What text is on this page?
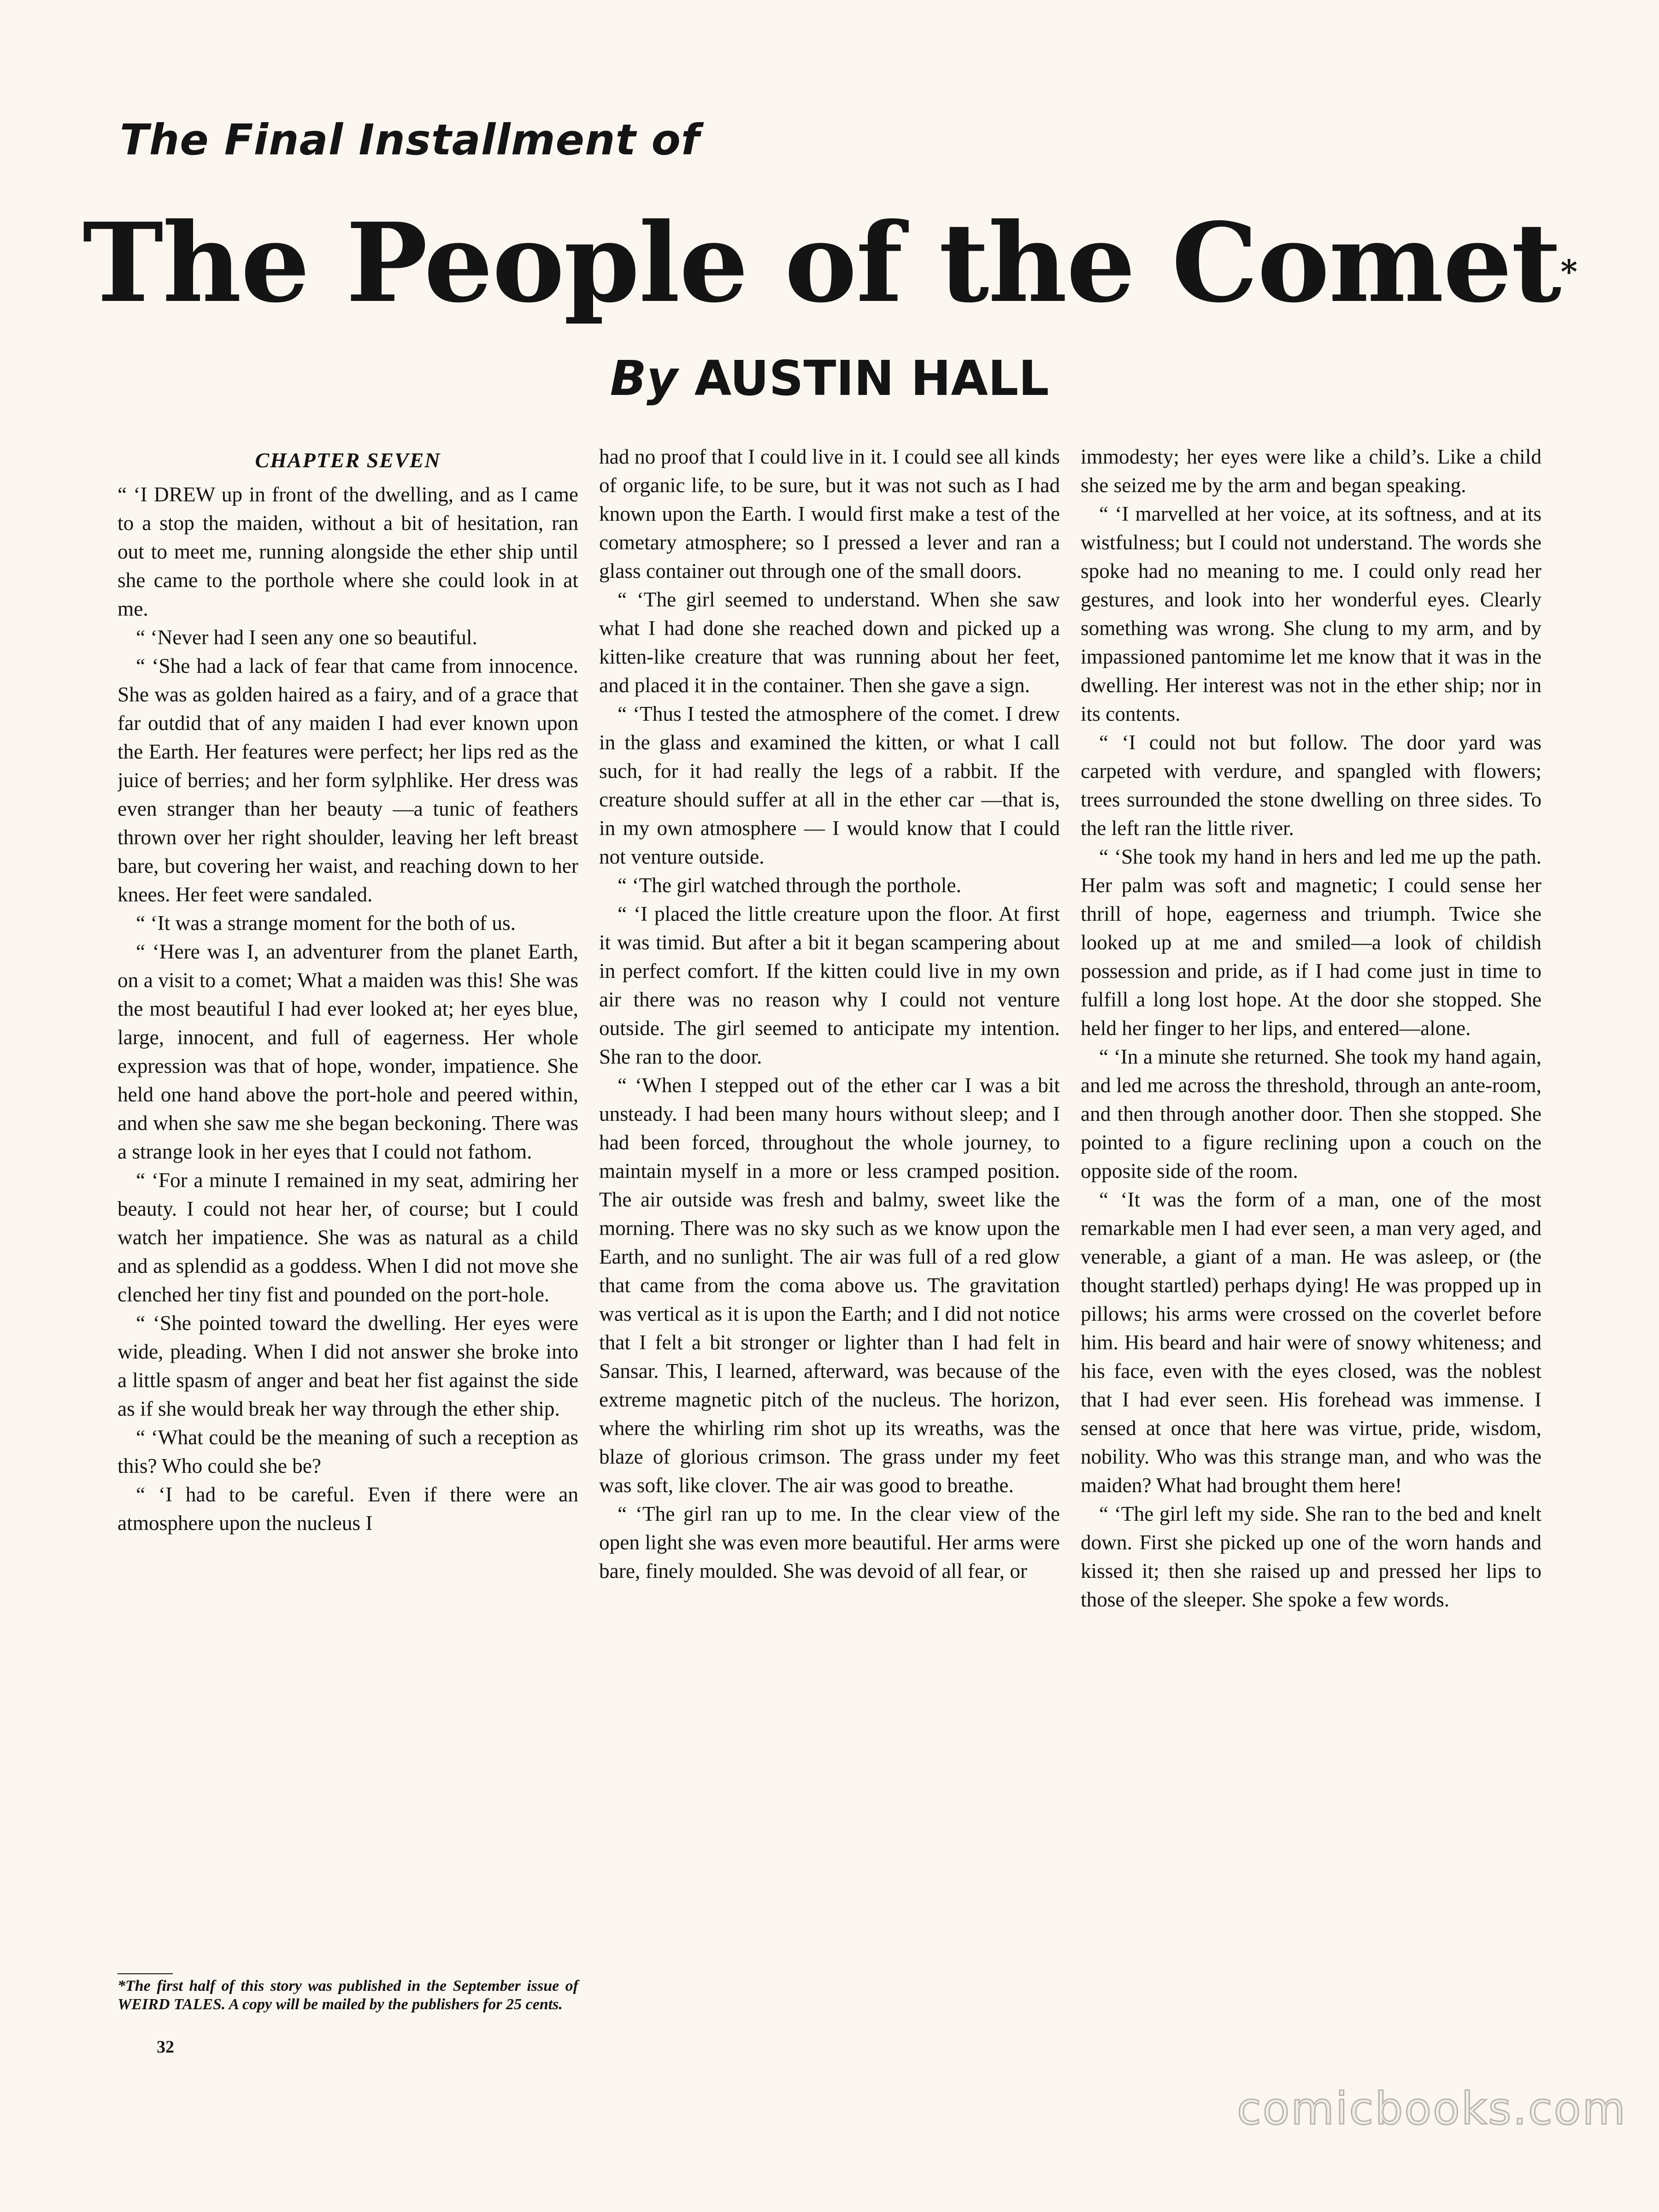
The Final Installment of
The People of the Comet*
By AUSTIN HALL
CHAPTER SEVEN

“ ‘I DREW up in front of the dwelling, and as I came to a stop the maiden, without a bit of hesitation, ran out to meet me, running alongside the ether ship until she came to the porthole where she could look in at me.

“ ‘Never had I seen any one so beautiful.

“ ‘She had a lack of fear that came from innocence. She was as golden haired as a fairy, and of a grace that far outdid that of any maiden I had ever known upon the Earth. Her features were perfect; her lips red as the juice of berries; and her form sylphlike. Her dress was even stranger than her beauty —a tunic of feathers thrown over her right shoulder, leaving her left breast bare, but covering her waist, and reaching down to her knees. Her feet were sandaled.

“ ‘It was a strange moment for the both of us.

“ ‘Here was I, an adventurer from the planet Earth, on a visit to a comet; What a maiden was this! She was the most beautiful I had ever looked at; her eyes blue, large, innocent, and full of eagerness. Her whole expression was that of hope, wonder, impatience. She held one hand above the port-hole and peered within, and when she saw me she began beckoning. There was a strange look in her eyes that I could not fathom.

“ ‘For a minute I remained in my seat, admiring her beauty. I could not hear her, of course; but I could watch her impatience. She was as natural as a child and as splendid as a goddess. When I did not move she clenched her tiny fist and pounded on the port-hole.

“ ‘She pointed toward the dwelling. Her eyes were wide, pleading. When I did not answer she broke into a little spasm of anger and beat her fist against the side as if she would break her way through the ether ship.

“ ‘What could be the meaning of such a reception as this? Who could she be?

“ ‘I had to be careful. Even if there were an atmosphere upon the nucleus I

had no proof that I could live in it. I could see all kinds of organic life, to be sure, but it was not such as I had known upon the Earth. I would first make a test of the cometary atmosphere; so I pressed a lever and ran a glass container out through one of the small doors.

“ ‘The girl seemed to understand. When she saw what I had done she reached down and picked up a kitten-like creature that was running about her feet, and placed it in the container. Then she gave a sign.

“ ‘Thus I tested the atmosphere of the comet. I drew in the glass and examined the kitten, or what I call such, for it had really the legs of a rabbit. If the creature should suffer at all in the ether car —that is, in my own atmosphere — I would know that I could not venture outside.

“ ‘The girl watched through the porthole.

“ ‘I placed the little creature upon the floor. At first it was timid. But after a bit it began scampering about in perfect comfort. If the kitten could live in my own air there was no reason why I could not venture outside. The girl seemed to anticipate my intention. She ran to the door.

“ ‘When I stepped out of the ether car I was a bit unsteady. I had been many hours without sleep; and I had been forced, throughout the whole journey, to maintain myself in a more or less cramped position. The air outside was fresh and balmy, sweet like the morning. There was no sky such as we know upon the Earth, and no sunlight. The air was full of a red glow that came from the coma above us. The gravitation was vertical as it is upon the Earth; and I did not notice that I felt a bit stronger or lighter than I had felt in Sansar. This, I learned, afterward, was because of the extreme magnetic pitch of the nucleus. The horizon, where the whirling rim shot up its wreaths, was the blaze of glorious crimson. The grass under my feet was soft, like clover. The air was good to breathe.

“ ‘The girl ran up to me. In the clear view of the open light she was even more beautiful. Her arms were bare, finely moulded. She was devoid of all fear, or

immodesty; her eyes were like a child’s. Like a child she seized me by the arm and began speaking.

“ ‘I marvelled at her voice, at its softness, and at its wistfulness; but I could not understand. The words she spoke had no meaning to me. I could only read her gestures, and look into her wonderful eyes. Clearly something was wrong. She clung to my arm, and by impassioned pantomime let me know that it was in the dwelling. Her interest was not in the ether ship; nor in its contents.

“ ‘I could not but follow. The door yard was carpeted with verdure, and spangled with flowers; trees surrounded the stone dwelling on three sides. To the left ran the little river.

“ ‘She took my hand in hers and led me up the path. Her palm was soft and magnetic; I could sense her thrill of hope, eagerness and triumph. Twice she looked up at me and smiled—a look of childish possession and pride, as if I had come just in time to fulfill a long lost hope. At the door she stopped. She held her finger to her lips, and entered—alone.

“ ‘In a minute she returned. She took my hand again, and led me across the threshold, through an ante-room, and then through another door. Then she stopped. She pointed to a figure reclining upon a couch on the opposite side of the room.

“ ‘It was the form of a man, one of the most remarkable men I had ever seen, a man very aged, and venerable, a giant of a man. He was asleep, or (the thought startled) perhaps dying! He was propped up in pillows; his arms were crossed on the coverlet before him. His beard and hair were of snowy whiteness; and his face, even with the eyes closed, was the noblest that I had ever seen. His forehead was immense. I sensed at once that here was virtue, pride, wisdom, nobility. Who was this strange man, and who was the maiden? What had brought them here!

“ ‘The girl left my side. She ran to the bed and knelt down. First she picked up one of the worn hands and kissed it; then she raised up and pressed her lips to those of the sleeper. She spoke a few words.

*The first half of this story was published in the September issue of WEIRD TALES. A copy will be mailed by the publishers for 25 cents.
32
comicbooks.com
